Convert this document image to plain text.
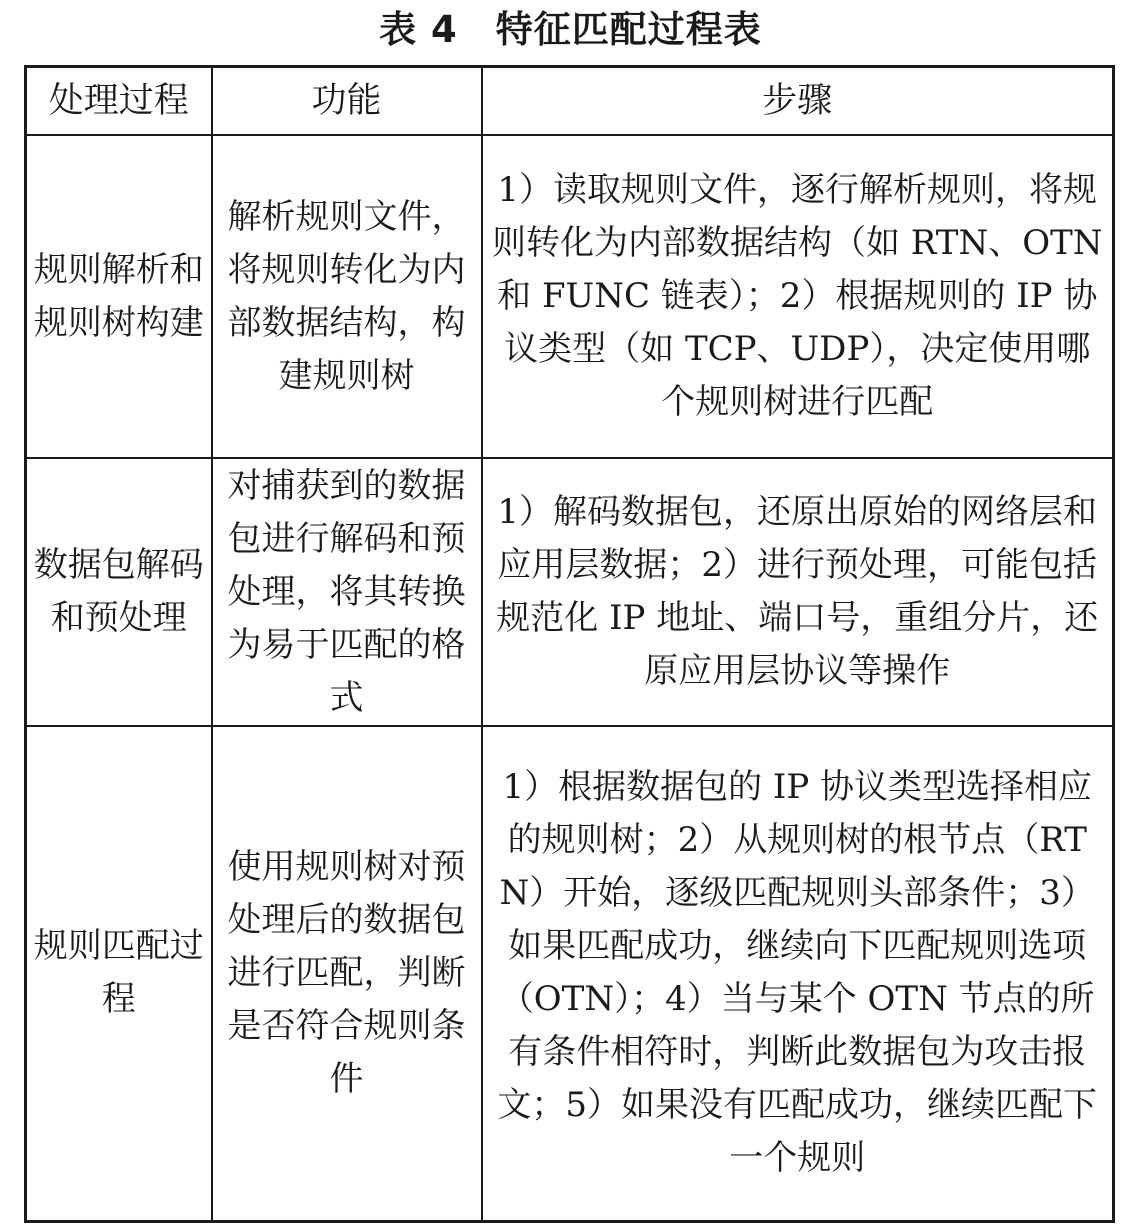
表 4　特征匹配过程表
处理过程	功能	步骤
规则解析和规则树构建	解析规则文件，将规则转化为内部数据结构，构建规则树	1）读取规则文件，逐行解析规则，将规则转化为内部数据结构（如 RTN、OTN 和 FUNC 链表）；2）根据规则的 IP 协议类型（如 TCP、UDP），决定使用哪个规则树进行匹配
数据包解码和预处理	对捕获到的数据包进行解码和预处理，将其转换为易于匹配的格式	1）解码数据包，还原出原始的网络层和应用层数据；2）进行预处理，可能包括规范化 IP 地址、端口号，重组分片，还原应用层协议等操作
规则匹配过程	使用规则树对预处理后的数据包进行匹配，判断是否符合规则条件	1）根据数据包的 IP 协议类型选择相应的规则树；2）从规则树的根节点（RTN）开始，逐级匹配规则头部条件；3）如果匹配成功，继续向下匹配规则选项（OTN）；4）当与某个 OTN 节点的所有条件相符时，判断此数据包为攻击报文；5）如果没有匹配成功，继续匹配下一个规则
